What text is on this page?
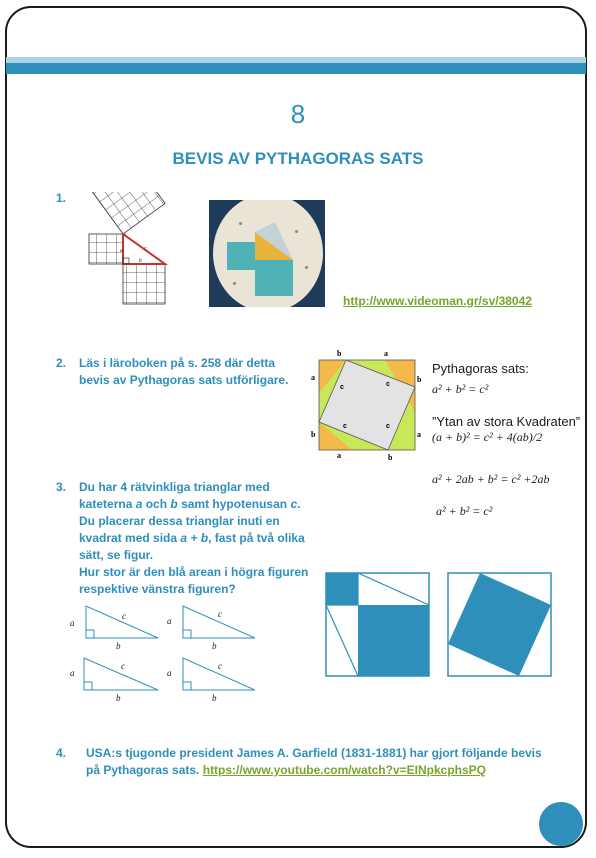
8
BEVIS AV PYTHAGORAS SATS
1.
a
b
c
http://www.videoman.gr/sv/38042
2. Läs i läroboken på s. 258 där detta bevis av Pythagoras sats utförligare.
b	a
a
b
b
a
a	b
c	c
c	c
Pythagoras sats:
a² + b² = c²
”Ytan av stora Kvadraten”
(a + b)² = c² + 4(ab)/2
a² + 2ab + b² = c² +2ab
a² + b² = c²
3. Du har 4 rätvinkliga trianglar med kateterna a och b samt hypotenusan c. Du placerar dessa trianglar inuti en kvadrat med sida a + b, fast på två olika sätt, se figur.
Hur stor är den blå arean i högra figuren respektive vänstra figuren?
a
c
b
a
c
b
a
c
b
a
c
b
4. USA:s tjugonde president James A. Garfield (1831-1881) har gjort följande bevis på Pythagoras sats. https://www.youtube.com/watch?v=EINpkcphsPQ
